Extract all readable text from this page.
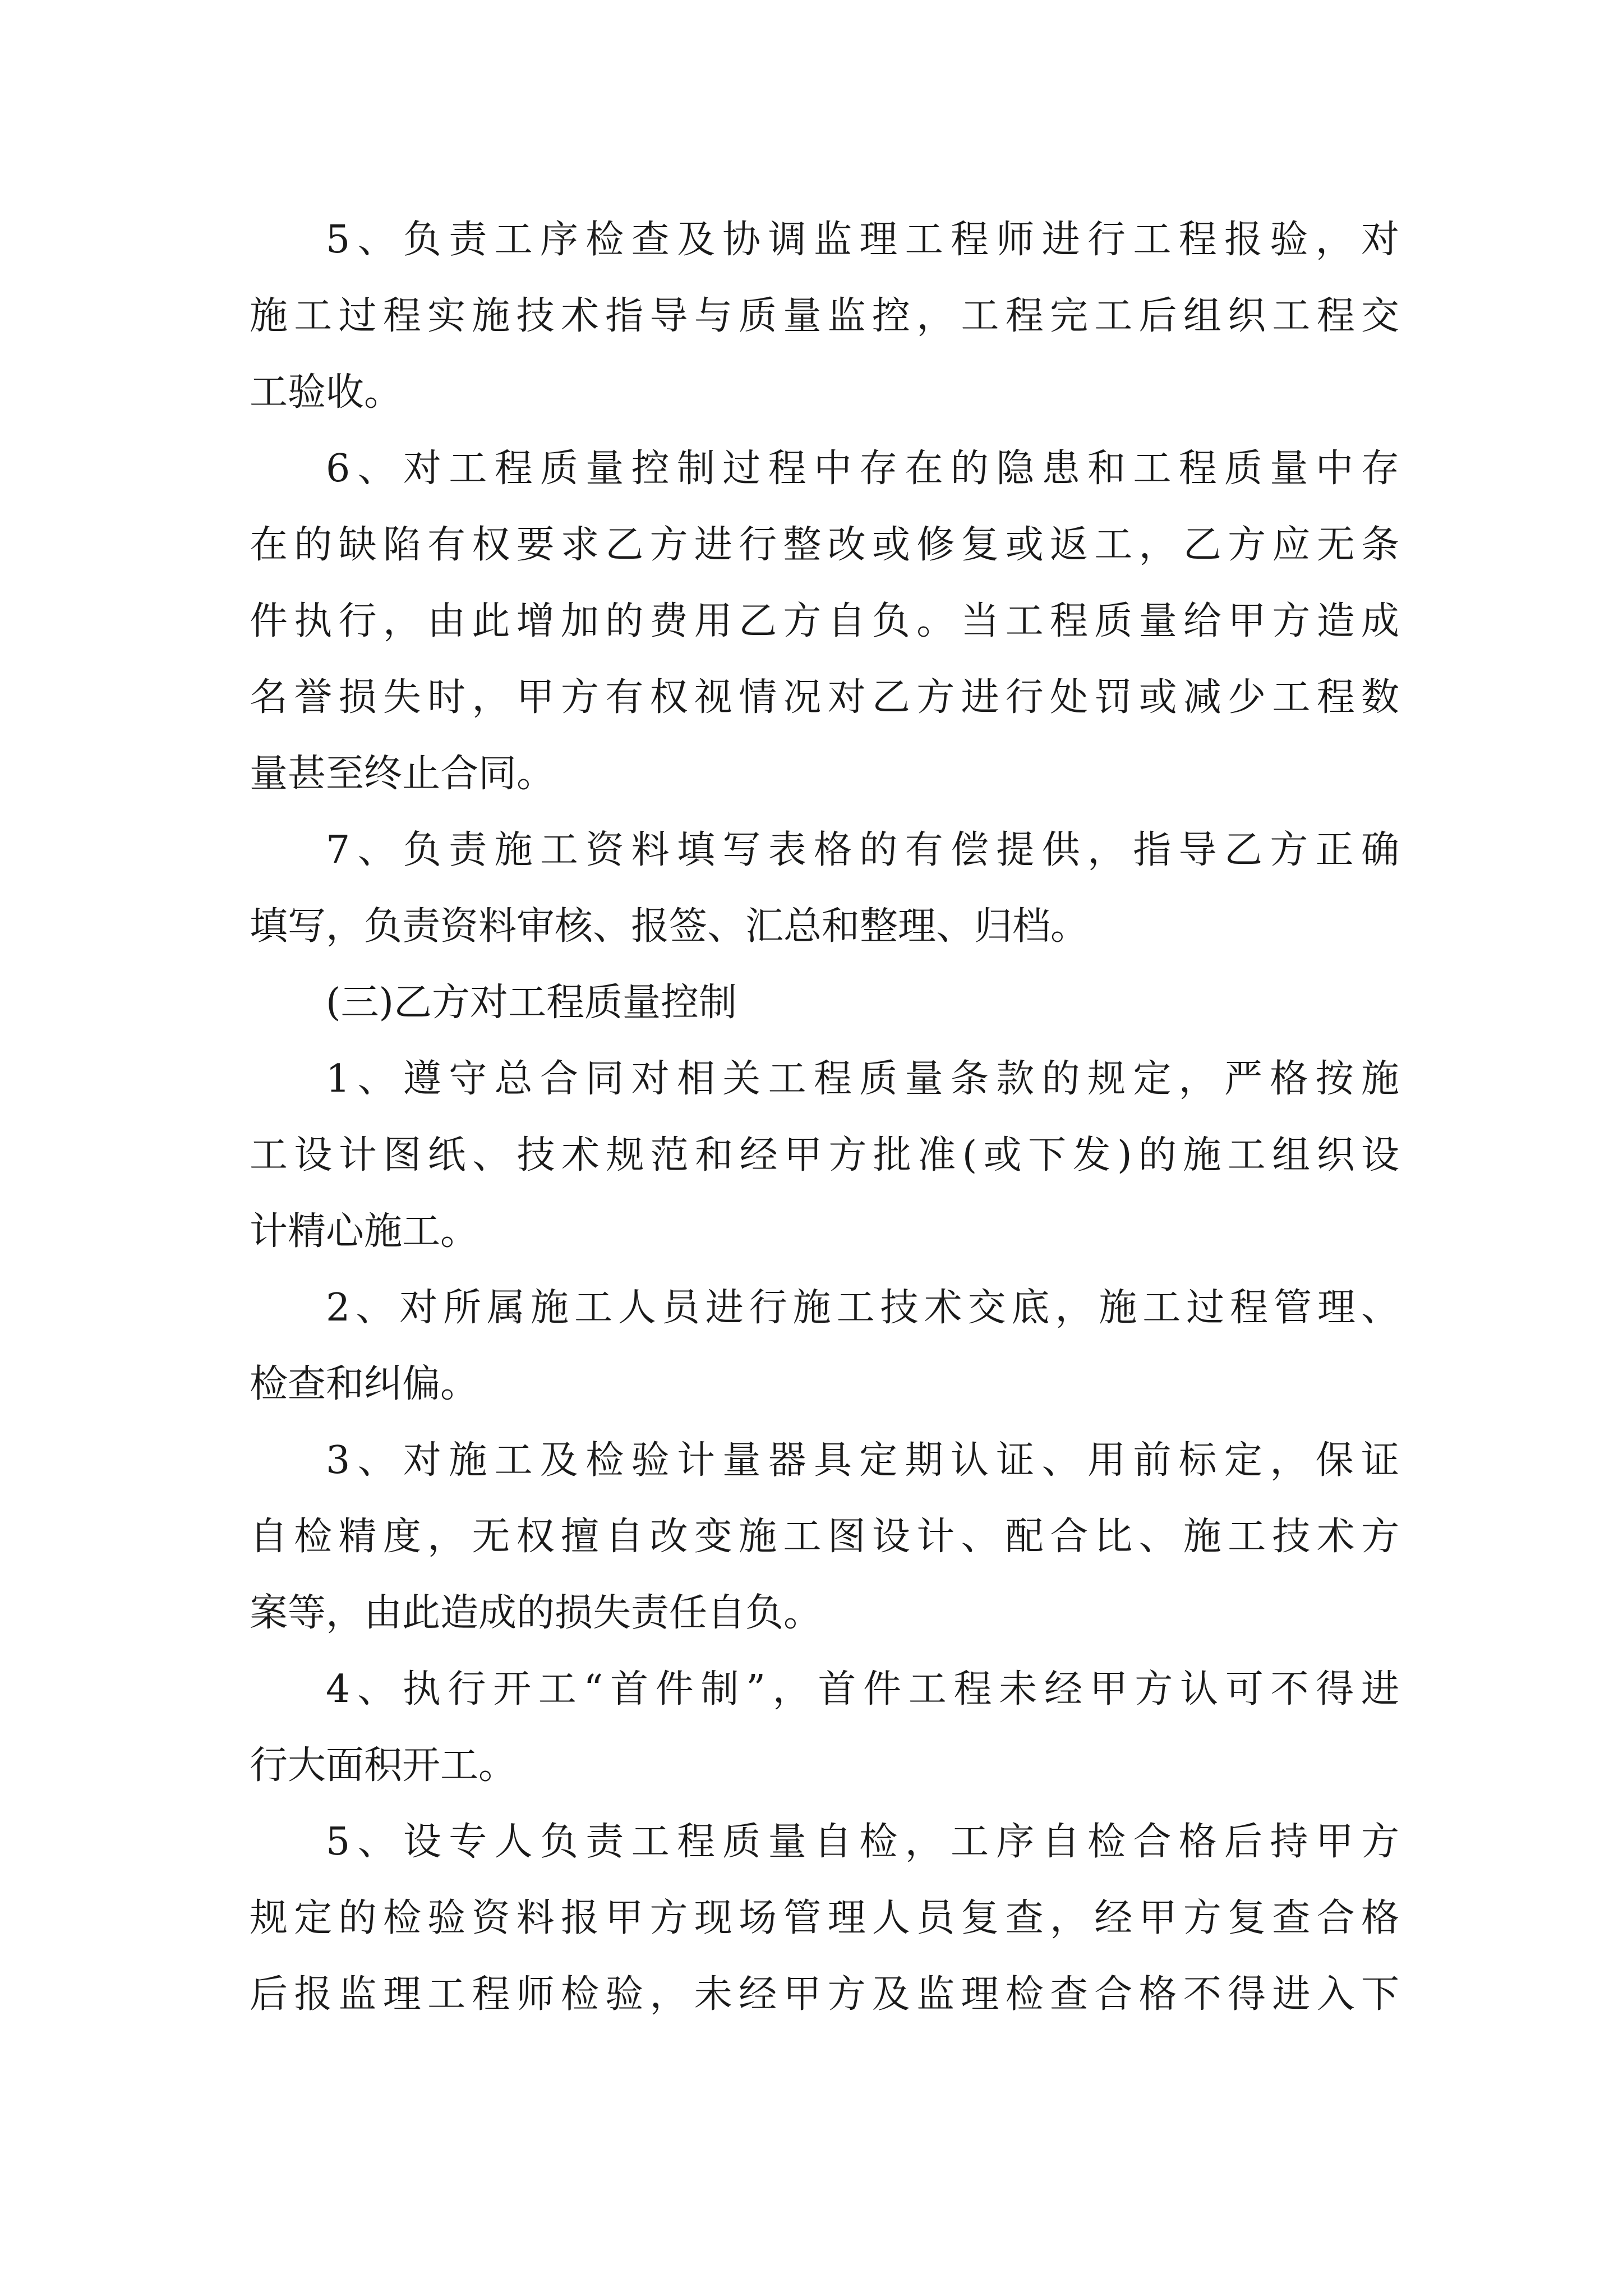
5、负责工序检查及协调监理工程师进行工程报验，对
施工过程实施技术指导与质量监控，工程完工后组织工程交
工验收。
6、对工程质量控制过程中存在的隐患和工程质量中存
在的缺陷有权要求乙方进行整改或修复或返工，乙方应无条
件执行，由此增加的费用乙方自负。当工程质量给甲方造成
名誉损失时，甲方有权视情况对乙方进行处罚或减少工程数
量甚至终止合同。
7、负责施工资料填写表格的有偿提供，指导乙方正确
填写，负责资料审核、报签、汇总和整理、归档。
(三)乙方对工程质量控制
1、遵守总合同对相关工程质量条款的规定，严格按施
工设计图纸、技术规范和经甲方批准(或下发)的施工组织设
计精心施工。
2、对所属施工人员进行施工技术交底，施工过程管理、
检查和纠偏。
3、对施工及检验计量器具定期认证、用前标定，保证
自检精度，无权擅自改变施工图设计、配合比、施工技术方
案等，由此造成的损失责任自负。
4、执行开工“首件制”，首件工程未经甲方认可不得进
行大面积开工。
5、设专人负责工程质量自检，工序自检合格后持甲方
规定的检验资料报甲方现场管理人员复查，经甲方复查合格
后报监理工程师检验，未经甲方及监理检查合格不得进入下
